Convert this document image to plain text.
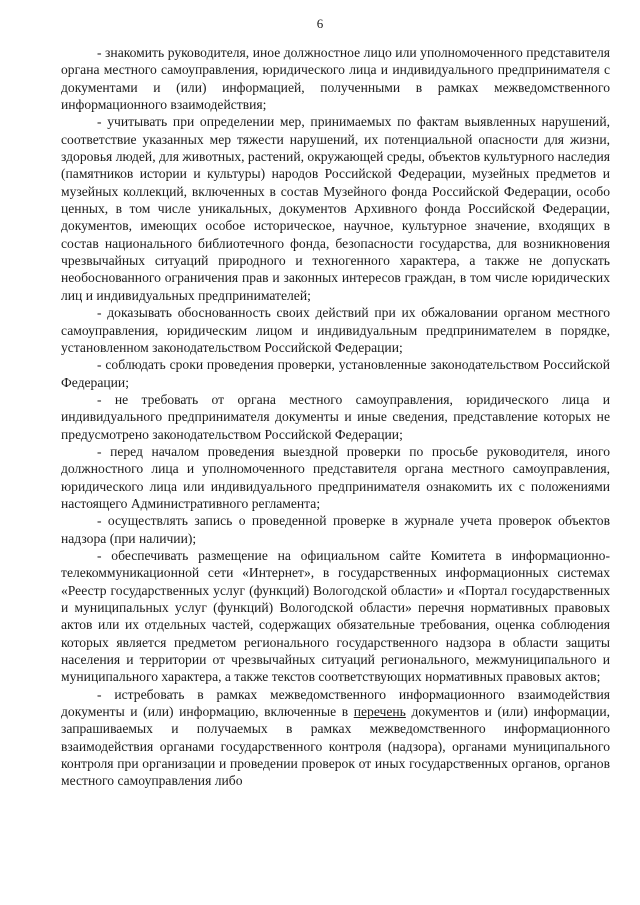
6

- знакомить руководителя, иное должностное лицо или уполномоченного представителя органа местного самоуправления, юридического лица и индивидуального предпринимателя с документами и (или) информацией, полученными в рамках межведомственного информационного взаимодействия;

- учитывать при определении мер, принимаемых по фактам выявленных нарушений, соответствие указанных мер тяжести нарушений, их потенциальной опасности для жизни, здоровья людей, для животных, растений, окружающей среды, объектов культурного наследия (памятников истории и культуры) народов Российской Федерации, музейных предметов и музейных коллекций, включенных в состав Музейного фонда Российской Федерации, особо ценных, в том числе уникальных, документов Архивного фонда Российской Федерации, документов, имеющих особое историческое, научное, культурное значение, входящих в состав национального библиотечного фонда, безопасности государства, для возникновения чрезвычайных ситуаций природного и техногенного характера, а также не допускать необоснованного ограничения прав и законных интересов граждан, в том числе юридических лиц и индивидуальных предпринимателей;

- доказывать обоснованность своих действий при их обжаловании органом местного самоуправления, юридическим лицом и индивидуальным предпринимателем в порядке, установленном законодательством Российской Федерации;

- соблюдать сроки проведения проверки, установленные законодательством Российской Федерации;

- не требовать от органа местного самоуправления, юридического лица и индивидуального предпринимателя документы и иные сведения, представление которых не предусмотрено законодательством Российской Федерации;

- перед началом проведения выездной проверки по просьбе руководителя, иного должностного лица и уполномоченного представителя органа местного самоуправления, юридического лица или индивидуального предпринимателя ознакомить их с положениями настоящего Административного регламента;

- осуществлять запись о проведенной проверке в журнале учета проверок объектов надзора (при наличии);

- обеспечивать размещение на официальном сайте Комитета в информационно-телекоммуникационной сети «Интернет», в государственных информационных системах «Реестр государственных услуг (функций) Вологодской области» и «Портал государственных и муниципальных услуг (функций) Вологодской области» перечня нормативных правовых актов или их отдельных частей, содержащих обязательные требования, оценка соблюдения которых является предметом регионального государственного надзора в области защиты населения и территории от чрезвычайных ситуаций регионального, межмуниципального и муниципального характера, а также текстов соответствующих нормативных правовых актов;

- истребовать в рамках межведомственного информационного взаимодействия документы и (или) информацию, включенные в перечень документов и (или) информации, запрашиваемых и получаемых в рамках межведомственного информационного взаимодействия органами государственного контроля (надзора), органами муниципального контроля при организации и проведении проверок от иных государственных органов, органов местного самоуправления либо
